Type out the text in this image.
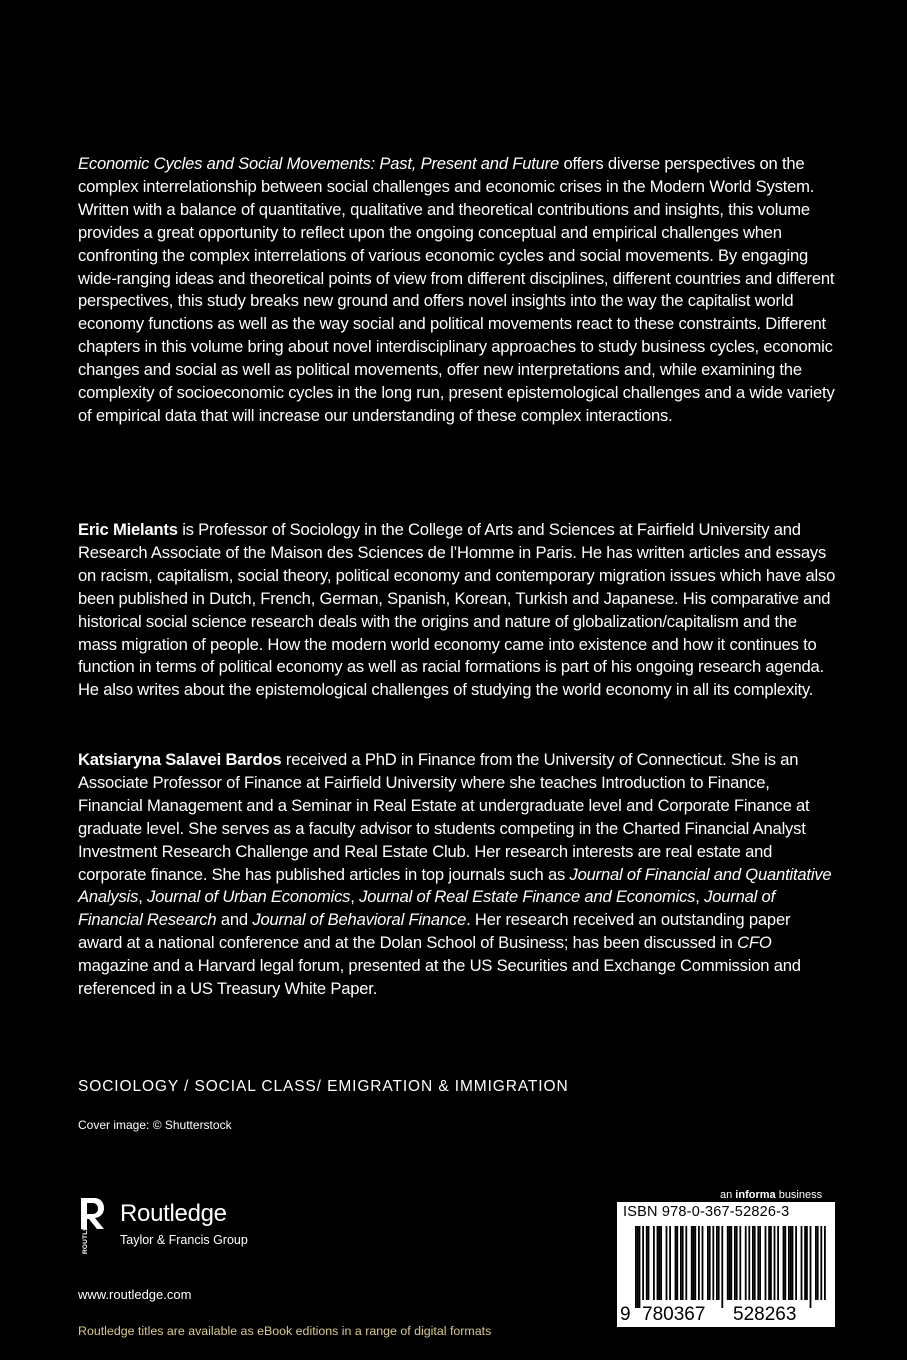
Economic Cycles and Social Movements: Past, Present and Future offers diverse perspectives on the complex interrelationship between social challenges and economic crises in the Modern World System. Written with a balance of quantitative, qualitative and theoretical contributions and insights, this volume provides a great opportunity to reflect upon the ongoing conceptual and empirical challenges when confronting the complex interrelations of various economic cycles and social movements. By engaging wide-ranging ideas and theoretical points of view from different disciplines, different countries and different perspectives, this study breaks new ground and offers novel insights into the way the capitalist world economy functions as well as the way social and political movements react to these constraints. Different chapters in this volume bring about novel interdisciplinary approaches to study business cycles, economic changes and social as well as political movements, offer new interpretations and, while examining the complexity of socioeconomic cycles in the long run, present epistemological challenges and a wide variety of empirical data that will increase our understanding of these complex interactions.

Eric Mielants is Professor of Sociology in the College of Arts and Sciences at Fairfield University and Research Associate of the Maison des Sciences de l’Homme in Paris. He has written articles and essays on racism, capitalism, social theory, political economy and contemporary migration issues which have also been published in Dutch, French, German, Spanish, Korean, Turkish and Japanese. His comparative and historical social science research deals with the origins and nature of globalization/capitalism and the mass migration of people. How the modern world economy came into existence and how it continues to function in terms of political economy as well as racial formations is part of his ongoing research agenda. He also writes about the epistemological challenges of studying the world economy in all its complexity.

Katsiaryna Salavei Bardos received a PhD in Finance from the University of Connecticut. She is an Associate Professor of Finance at Fairfield University where she teaches Introduction to Finance, Financial Management and a Seminar in Real Estate at undergraduate level and Corporate Finance at graduate level. She serves as a faculty advisor to students competing in the Charted Financial Analyst Investment Research Challenge and Real Estate Club. Her research interests are real estate and corporate finance. She has published articles in top journals such as Journal of Financial and Quantitative Analysis, Journal of Urban Economics, Journal of Real Estate Finance and Economics, Journal of Financial Research and Journal of Behavioral Finance. Her research received an outstanding paper award at a national conference and at the Dolan School of Business; has been discussed in CFO magazine and a Harvard legal forum, presented at the US Securities and Exchange Commission and referenced in a US Treasury White Paper.

SOCIOLOGY / SOCIAL CLASS/ EMIGRATION & IMMIGRATION
Cover image: © Shutterstock
ROUTLEDGE Routledge
Taylor & Francis Group
www.routledge.com
Routledge titles are available as eBook editions in a range of digital formats
an informa business
ISBN 978-0-367-52826-3
9 780367 528263
